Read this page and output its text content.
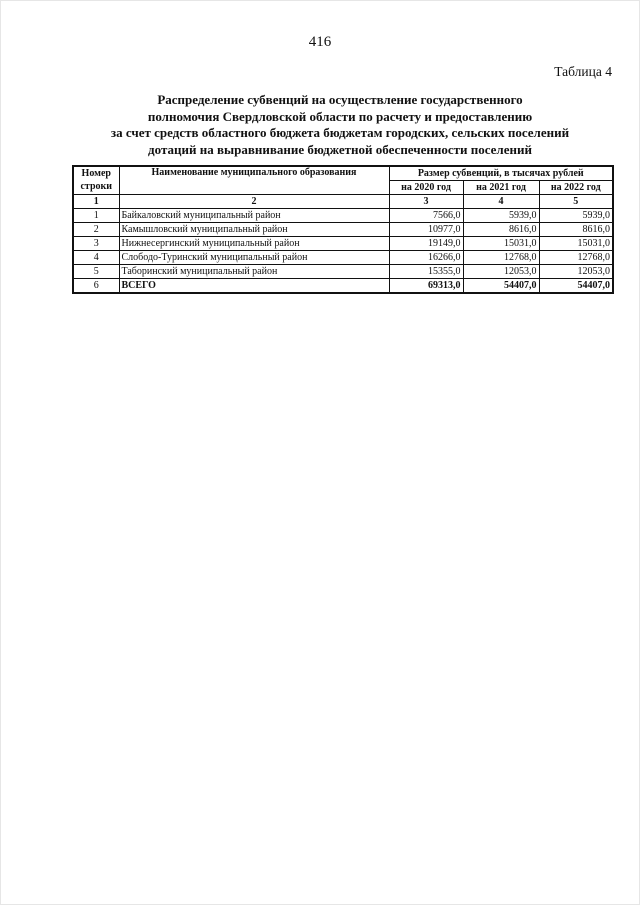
416
Таблица 4
Распределение субвенций на осуществление государственного
полномочия Свердловской области по расчету и предоставлению
за счет средств областного бюджета бюджетам городских, сельских поселений
дотаций на выравнивание бюджетной обеспеченности поселений
Номер	Наименование муниципального образования	Размер субвенций, в тысячах рублей		
строки		на 2020 год	на 2021 год	на 2022 год
1	2	3	4	5
1	Байкаловский муниципальный район	7566,0	5939,0	5939,0
2	Камышловский муниципальный район	10977,0	8616,0	8616,0
3	Нижнесергинский муниципальный район	19149,0	15031,0	15031,0
4	Слободо-Туринский муниципальный район	16266,0	12768,0	12768,0
5	Таборинский муниципальный район	15355,0	12053,0	12053,0
6	ВСЕГО	69313,0	54407,0	54407,0
